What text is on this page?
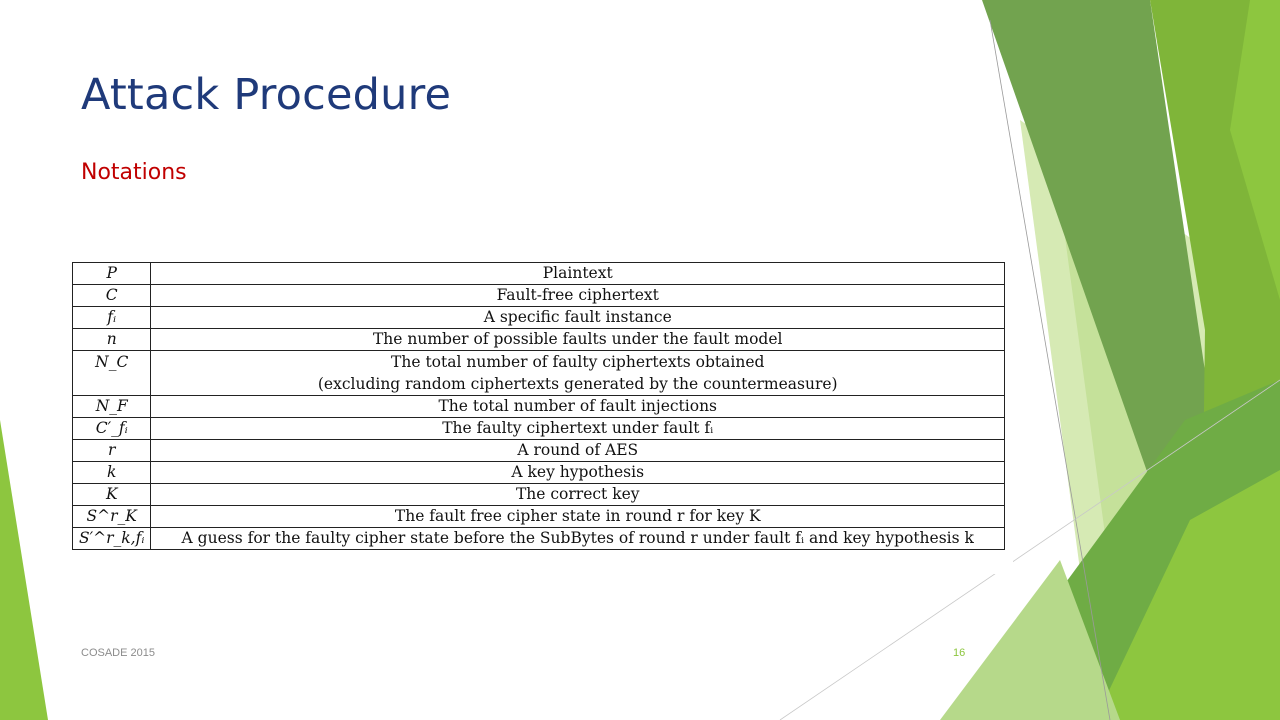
Attack Procedure
Notations
P	Plaintext
C	Fault-free ciphertext
fᵢ	A specific fault instance
n	The number of possible faults under the fault model
N_C	The total number of faulty ciphertexts obtained
(excluding random ciphertexts generated by the countermeasure)

N_F	The total number of fault injections
C′_fᵢ	The faulty ciphertext under fault fᵢ
r	A round of AES
k	A key hypothesis
K	The correct key
S^r_K	The fault free cipher state in round r for key K
S′^r_k,fᵢ	A guess for the faulty cipher state before the SubBytes of round r under fault fᵢ and key hypothesis k
COSADE 2015	16
